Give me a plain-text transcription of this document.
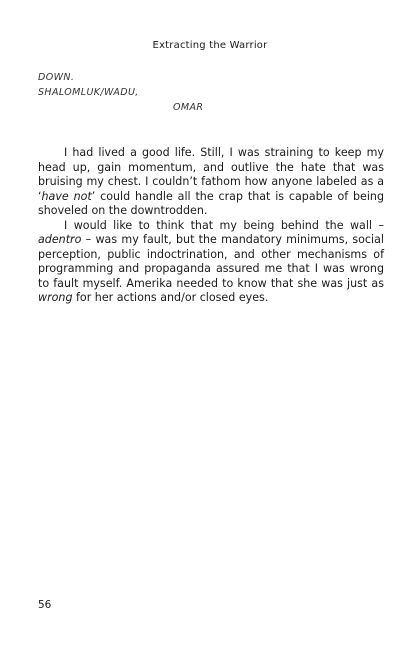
Extracting the Warrior
DOWN.
SHALOMLUK/WADU,
OMAR

I had lived a good life. Still, I was straining to keep my head up, gain momentum, and outlive the hate that was bruising my chest. I couldn’t fathom how anyone labeled as a ‘have not’ could handle all the crap that is capable of being shoveled on the downtrodden.

I would like to think that my being behind the wall – adentro – was my fault, but the mandatory minimums, social perception, public indoctrination, and other mechanisms of programming and propaganda assured me that I was wrong to fault myself. Amerika needed to know that she was just as wrong for her actions and/or closed eyes.

56
